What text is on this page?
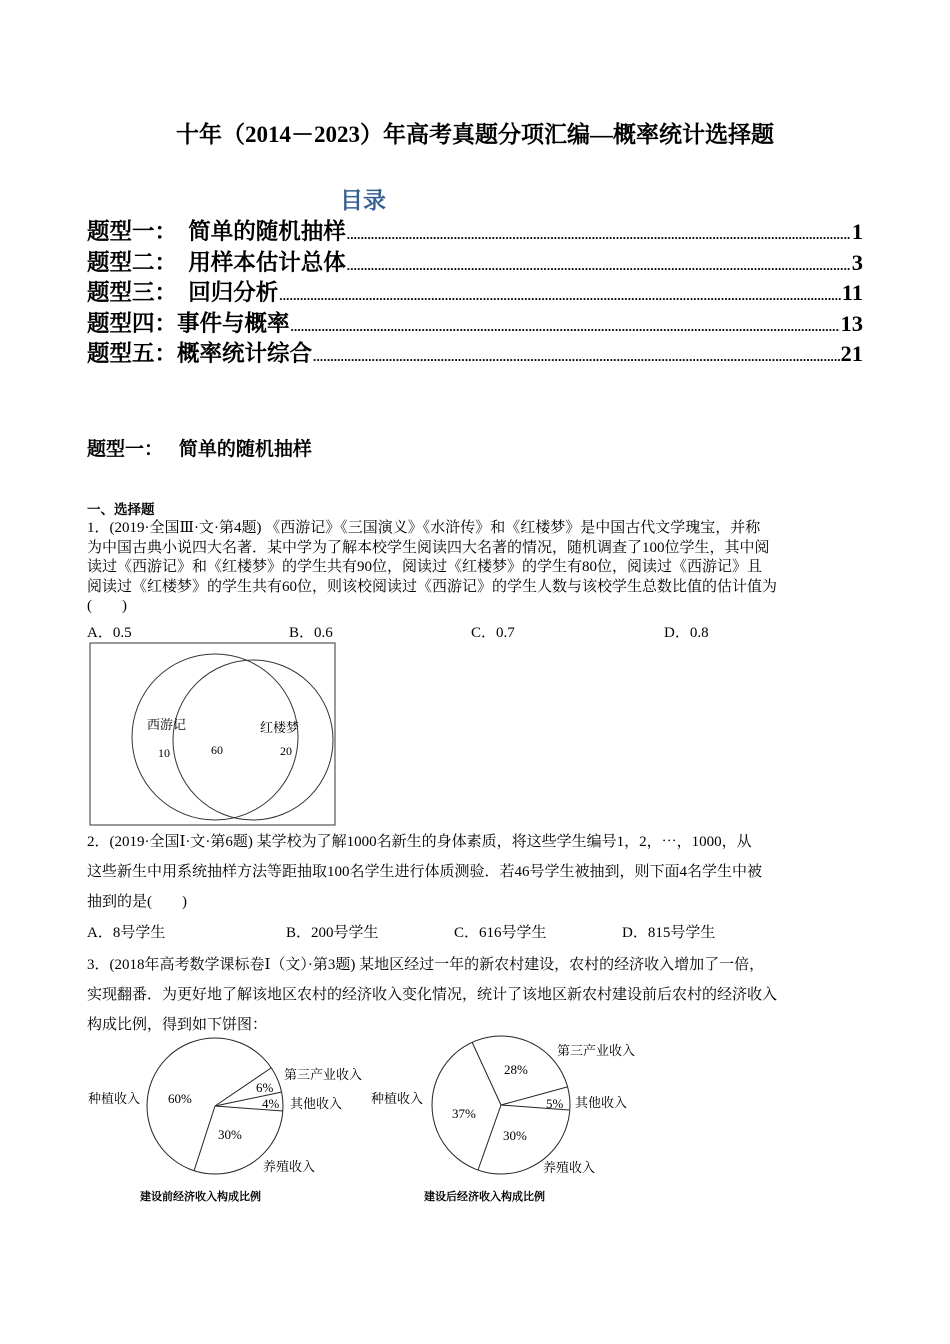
十年（2014－2023）年高考真题分项汇编—概率统计选择题
目录
题型一：  简单的随机抽样 .....	1
题型二：  用样本估计总体 .....	3
题型三：  回归分析 .....	11
题型四：事件与概率 .....	13
题型五：概率统计综合 .....	21
题型一：   简单的随机抽样
一、选择题

1．(2019·全国Ⅲ·文·第4题) 《西游记》《三国演义》《水浒传》和《红楼梦》是中国古代文学瑰宝，并称

为中国古典小说四大名著．某中学为了解本校学生阅读四大名著的情况，随机调查了100位学生，其中阅

读过《西游记》和《红楼梦》的学生共有90位，阅读过《红楼梦》的学生有80位，阅读过《西游记》且

阅读过《红楼梦》的学生共有60位，则该校阅读过《西游记》的学生人数与该校学生总数比值的估计值为

(　　)

A．0.5	B．0.6	C．0.7	D．0.8
西游记	红楼梦
10	60	20

2．(2019·全国Ⅰ·文·第6题) 某学校为了解1000名新生的身体素质，将这些学生编号1，2，⋯，1000，从

这些新生中用系统抽样方法等距抽取100名学生进行体质测验．若46号学生被抽到，则下面4名学生中被

抽到的是(　　)

A．8号学生	B．200号学生	C．616号学生	D．815号学生

3．(2018年高考数学课标卷Ⅰ（文）·第3题) 某地区经过一年的新农村建设，农村的经济收入增加了一倍，

实现翻番．为更好地了解该地区农村的经济收入变化情况，统计了该地区新农村建设前后农村的经济收入

构成比例，得到如下饼图：

60%
6%
4%
30%
种植收入
第三产业收入
其他收入
养殖收入
建设前经济收入构成比例
37%
28%
5%
30%
种植收入
第三产业收入
其他收入
养殖收入
建设后经济收入构成比例
